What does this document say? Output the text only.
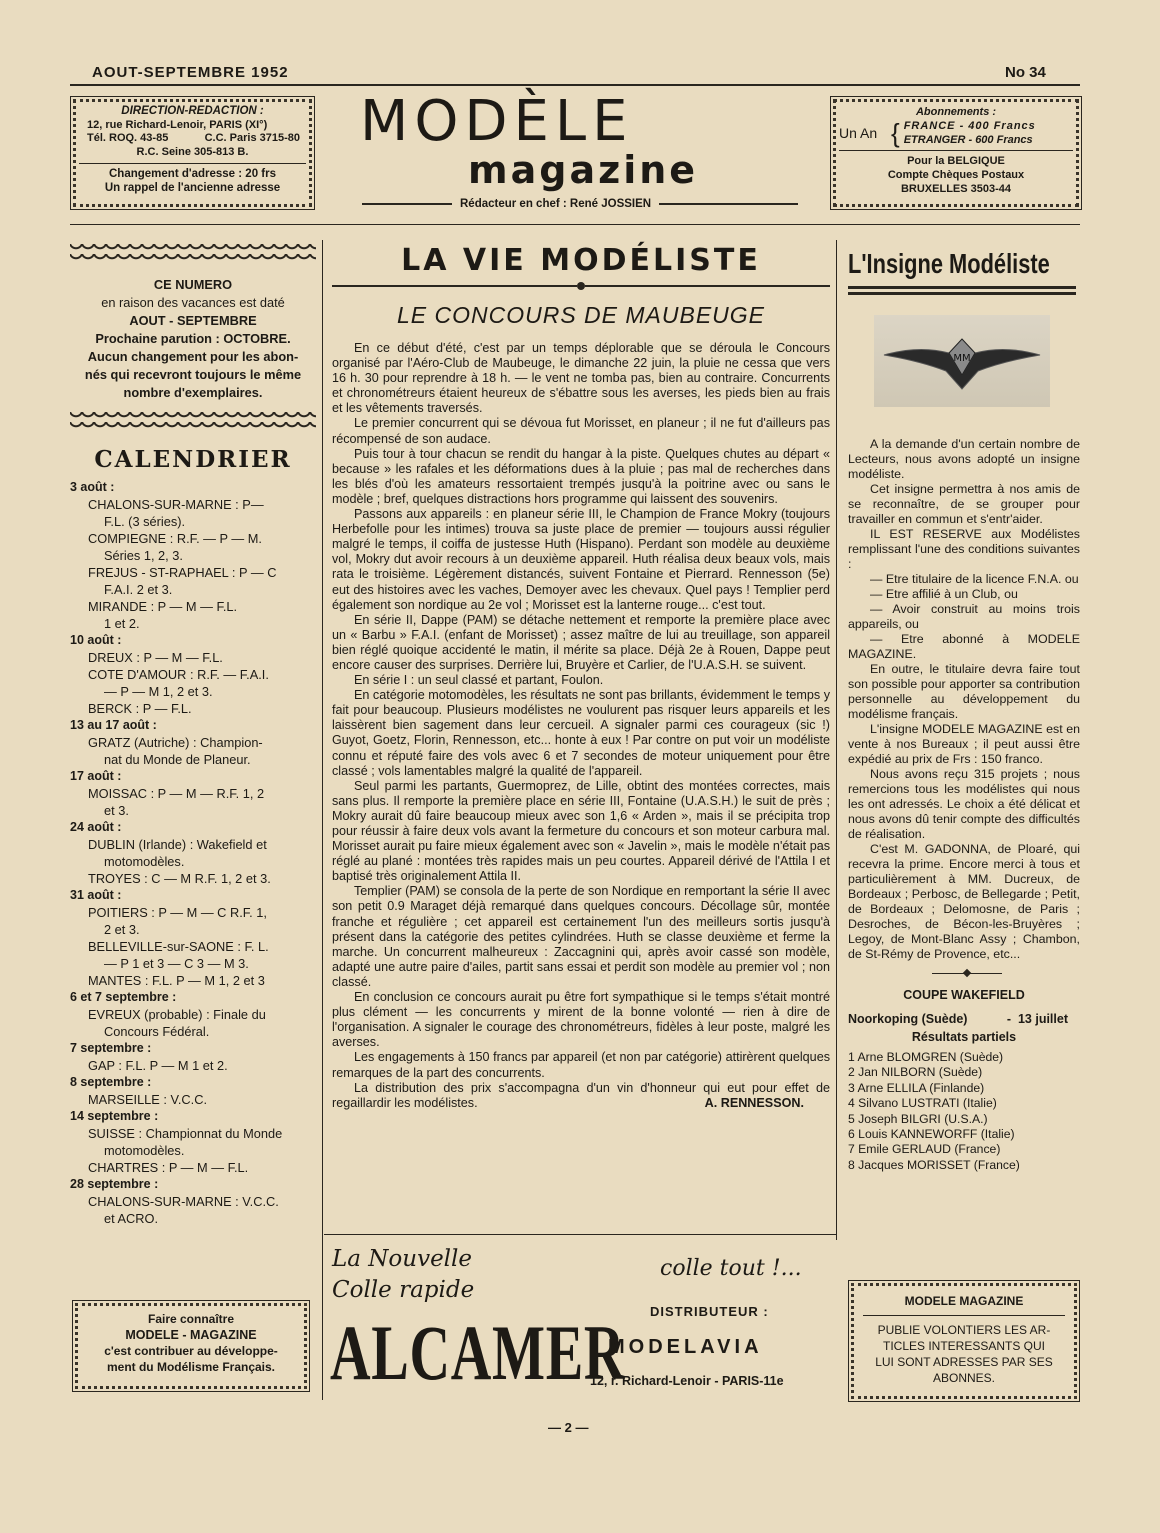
AOUT-SEPTEMBRE 1952	No 34
DIRECTION-REDACTION :
12, rue Richard-Lenoir, PARIS (XI°)
Tél. ROQ. 43-85	C.C. Paris 3715-80
R.C. Seine 305-813 B.
Changement d'adresse : 20 frs
Un rappel de l'ancienne adresse
MODÈLE
magazine
Rédacteur en chef : René JOSSIEN
Abonnements :
Un An { FRANCE - 400 Francs
ETRANGER - 600 Francs
Pour la BELGIQUE
Compte Chèques Postaux
BRUXELLES 3503-44
CE NUMERO
en raison des vacances est daté
AOUT - SEPTEMBRE
Prochaine parution : OCTOBRE.
Aucun changement pour les abon-
nés qui recevront toujours le même
nombre d'exemplaires.
CALENDRIER
3 août :
CHALONS-SUR-MARNE : P—
F.L. (3 séries).
COMPIEGNE : R.F. — P — M.
Séries 1, 2, 3.
FREJUS - ST-RAPHAEL : P — C
F.A.I. 2 et 3.
MIRANDE : P — M — F.L.
1 et 2.
10 août :
DREUX : P — M — F.L.
COTE D'AMOUR : R.F. — F.A.I.
— P — M 1, 2 et 3.
BERCK : P — F.L.
13 au 17 août :
GRATZ (Autriche) : Champion-
nat du Monde de Planeur.
17 août :
MOISSAC : P — M — R.F. 1, 2
et 3.
24 août :
DUBLIN (Irlande) : Wakefield et
motomodèles.
TROYES : C — M R.F. 1, 2 et 3.
31 août :
POITIERS : P — M — C R.F. 1,
2 et 3.
BELLEVILLE-sur-SAONE : F. L.
— P 1 et 3 — C 3 — M 3.
MANTES : F.L. P — M 1, 2 et 3
6 et 7 septembre :
EVREUX (probable) : Finale du
Concours Fédéral.
7 septembre :
GAP : F.L. P — M 1 et 2.
8 septembre :
MARSEILLE : V.C.C.
14 septembre :
SUISSE : Championnat du Monde
motomodèles.
CHARTRES : P — M — F.L.
28 septembre :
CHALONS-SUR-MARNE : V.C.C.
et ACRO.
Faire connaître
MODELE - MAGAZINE
c'est contribuer au développe-
ment du Modélisme Français.
LA VIE MODÉLISTE
LE CONCOURS DE MAUBEUGE

En ce début d'été, c'est par un temps déplorable que se déroula le Concours organisé par l'Aéro-Club de Maubeuge, le dimanche 22 juin, la pluie ne cessa que vers 16 h. 30 pour reprendre à 18 h. — le vent ne tomba pas, bien au contraire. Concurrents et chronométreurs étaient heureux de s'ébattre sous les averses, les pieds bien au frais et les vêtements traversés.

Le premier concurrent qui se dévoua fut Morisset, en planeur ; il ne fut d'ailleurs pas récompensé de son audace.

Puis tour à tour chacun se rendit du hangar à la piste. Quelques chutes au départ « because » les rafales et les déformations dues à la pluie ; pas mal de recherches dans les blés d'où les amateurs ressortaient trempés jusqu'à la poitrine avec ou sans le modèle ; bref, quelques distractions hors programme qui laissent des souvenirs.

Passons aux appareils : en planeur série III, le Champion de France Mokry (toujours Herbefolle pour les intimes) trouva sa juste place de premier — toujours aussi régulier malgré le temps, il coiffa de justesse Huth (Hispano). Perdant son modèle au deuxième vol, Mokry dut avoir recours à un deuxième appareil. Huth réalisa deux beaux vols, mais rata le troisième. Légèrement distancés, suivent Fontaine et Pierrard. Rennesson (5e) eut des histoires avec les vaches, Demoyer avec les chevaux. Quel pays ! Templier perd également son nordique au 2e vol ; Morisset est la lanterne rouge... c'est tout.

En série II, Dappe (PAM) se détache nettement et remporte la première place avec un « Barbu » F.A.I. (enfant de Morisset) ; assez maître de lui au treuillage, son appareil bien réglé quoique accidenté le matin, il mérite sa place. Déjà 2e à Rouen, Dappe peut encore causer des surprises. Derrière lui, Bruyère et Carlier, de l'U.A.S.H. se suivent.

En série I : un seul classé et partant, Foulon.

En catégorie motomodèles, les résultats ne sont pas brillants, évidemment le temps y fait pour beaucoup. Plusieurs modélistes ne voulurent pas risquer leurs appareils et les laissèrent bien sagement dans leur cercueil. A signaler parmi ces courageux (sic !) Guyot, Goetz, Florin, Rennesson, etc... honte à eux ! Par contre on put voir un modéliste connu et réputé faire des vols avec 6 et 7 secondes de moteur uniquement pour être classé ; vols lamentables malgré la qualité de l'appareil.

Seul parmi les partants, Guermoprez, de Lille, obtint des montées correctes, mais sans plus. Il remporte la première place en série III, Fontaine (U.A.S.H.) le suit de près ; Mokry aurait dû faire beaucoup mieux avec son 1,6 « Arden », mais il se précipita trop pour réussir à faire deux vols avant la fermeture du concours et son moteur carbura mal. Morisset aurait pu faire mieux également avec son « Javelin », mais le modèle n'était pas réglé au plané : montées très rapides mais un peu courtes. Appareil dérivé de l'Attila I et baptisé très originalement Attila II.

Templier (PAM) se consola de la perte de son Nordique en remportant la série II avec son petit 0.9 Maraget déjà remarqué dans quelques concours. Décollage sûr, montée franche et régulière ; cet appareil est certainement l'un des meilleurs sortis jusqu'à présent dans la catégorie des petites cylindrées. Huth se classe deuxième et ferme la marche. Un concurrent malheureux : Zaccagnini qui, après avoir cassé son modèle, adapté une autre paire d'ailes, partit sans essai et perdit son modèle au premier vol ; non classé.

En conclusion ce concours aurait pu être fort sympathique si le temps s'était montré plus clément — les concurrents y mirent de la bonne volonté — rien à dire de l'organisation. A signaler le courage des chronométreurs, fidèles à leur poste, malgré les averses.

Les engagements à 150 francs par appareil (et non par catégorie) attirèrent quelques remarques de la part des concurrents.

La distribution des prix s'accompagna d'un vin d'honneur qui eut pour effet de regaillardir les modélistes.	A. RENNESSON.
La Nouvelle
Colle rapide
ALCAMER
colle tout !...
DISTRIBUTEUR :
MODELAVIA
12, r. Richard-Lenoir - PARIS-11e
L'Insigne Modéliste
MM

A la demande d'un certain nombre de Lecteurs, nous avons adopté un insigne modéliste.

Cet insigne permettra à nos amis de se reconnaître, de se grouper pour travailler en commun et s'entr'aider.

IL EST RESERVE aux Modélistes remplissant l'une des conditions suivantes :

— Etre titulaire de la licence F.N.A. ou

— Etre affilié à un Club, ou

— Avoir construit au moins trois appareils, ou

— Etre abonné à MODELE MAGAZINE.

En outre, le titulaire devra faire tout son possible pour apporter sa contribution personnelle au développement du modélisme français.

L'insigne MODELE MAGAZINE est en vente à nos Bureaux ; il peut aussi être expédié au prix de Frs : 150 franco.

Nous avons reçu 315 projets ; nous remercions tous les modélistes qui nous les ont adressés. Le choix a été délicat et nous avons dû tenir compte des difficultés de réalisation.

C'est M. GADONNA, de Ploaré, qui recevra la prime. Encore merci à tous et particulièrement à MM. Ducreux, de Bordeaux ; Perbosc, de Bellegarde ; Petit, de Bordeaux ; Delomosne, de Paris ; Desroches, de Bécon-les-Bruyères ; Legoy, de Mont-Blanc Assy ; Chambon, de St-Rémy de Provence, etc...

COUPE WAKEFIELD
Noorkoping (Suède)	-  13 juillet
Résultats partiels
1 Arne BLOMGREN (Suède)
2 Jan NILBORN (Suède)
3 Arne ELLILA (Finlande)
4 Silvano LUSTRATI (Italie)
5 Joseph BILGRI (U.S.A.)
6 Louis KANNEWORFF (Italie)
7 Emile GERLAUD (France)
8 Jacques MORISSET (France)
MODELE MAGAZINE
PUBLIE VOLONTIERS LES AR-
TICLES INTERESSANTS QUI
LUI SONT ADRESSES PAR SES
ABONNES.
— 2 —
